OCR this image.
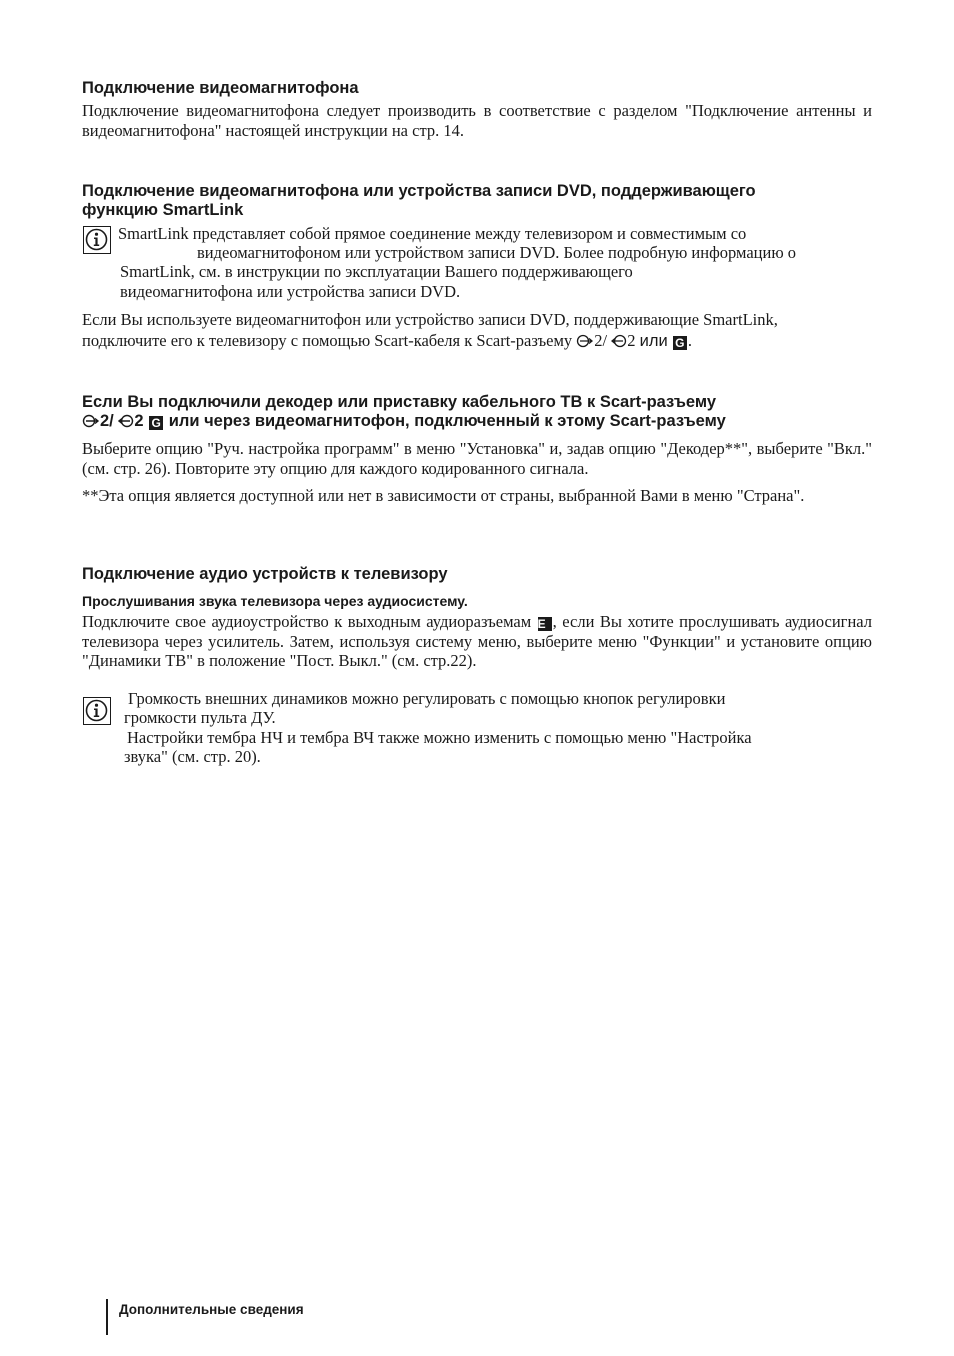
Подключение видеомагнитофона
Подключение видеомагнитофона следует производить в соответствие с разделом "Подключение антенны и видеомагнитофона" настоящей инструкции на стр. 14.
Подключение видеомагнитофона или устройства записи DVD, поддерживающего
функцию SmartLink
SmartLink представляет собой прямое соединение между телевизором и совместимым со
видеомагнитофоном или устройством записи DVD. Более подробную информацию о
SmartLink, см. в инструкции по эксплуатации Вашего поддерживающего
видеомагнитофона или устройства записи DVD.
Если Вы используете видеомагнитофон или устройство записи DVD, поддерживающие SmartLink,
подключите его к телевизору с помощью Scart-кабеля к Scart-разъему 2/ 2 или G .
Если Вы подключили декодер или приставку кабельного ТВ к Scart-разъему
2/ 2 G или через видеомагнитофон, подключенный к этому Scart-разъему
Выберите опцию "Руч. настройка программ" в меню "Установка" и, задав опцию "Декодер**", выберите "Вкл." (см. стр. 26). Повторите эту опцию для каждого кодированного сигнала.
**Эта опция является доступной или нет в зависимости от страны, выбранной Вами в меню "Страна".
Подключение аудио устройств к телевизору
Прослушивания звука телевизора через аудиосистему.
Подключите свое аудиоустройство к выходным аудиоразъемам E , если Вы хотите прослушивать аудиосигнал телевизора через усилитель. Затем, используя систему меню, выберите меню "Функции" и установите опцию "Динамики ТВ" в положение "Пост. Выкл." (см. стр.22).
Громкость внешних динамиков можно регулировать с помощью кнопок регулировки
громкости пульта ДУ.
Настройки тембра НЧ и тембра ВЧ также можно изменить с помощью меню "Настройка
звука" (см. стр. 20).
Дополнительные сведения
